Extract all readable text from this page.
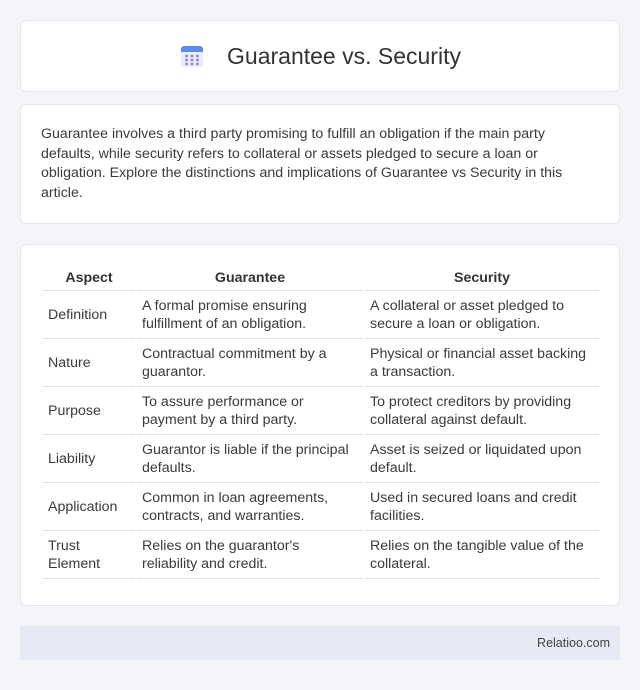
Guarantee vs. Security

Guarantee involves a third party promising to fulfill an obligation if the main party defaults, while security refers to collateral or assets pledged to secure a loan or obligation. Explore the distinctions and implications of Guarantee vs Security in this article.

Aspect	Guarantee	Security
Definition	A formal promise ensuring fulfillment of an obligation.	A collateral or asset pledged to secure a loan or obligation.
Nature	Contractual commitment by a guarantor.	Physical or financial asset backing a transaction.
Purpose	To assure performance or payment by a third party.	To protect creditors by providing collateral against default.
Liability	Guarantor is liable if the principal defaults.	Asset is seized or liquidated upon default.
Application	Common in loan agreements, contracts, and warranties.	Used in secured loans and credit facilities.
Trust Element	Relies on the guarantor's reliability and credit.	Relies on the tangible value of the collateral.
Relatioo.com
